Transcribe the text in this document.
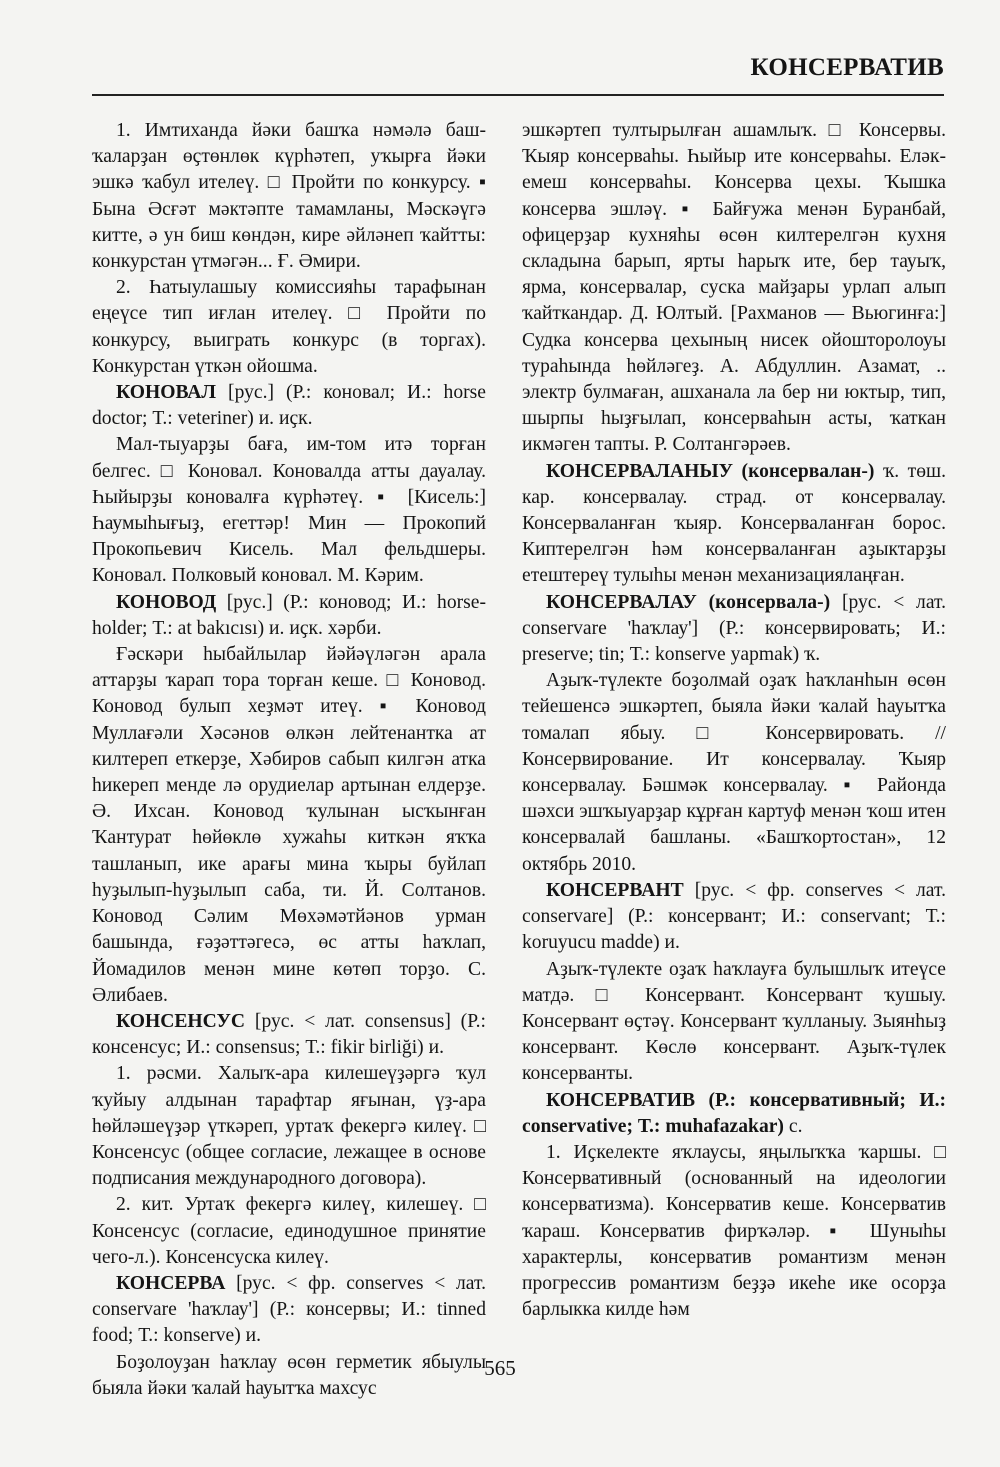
КОНСЕРВАТИВ

1. Имтиханда йәки башҡа нәмәлә баш-ҡаларҙан өҫтөнлөк күрһәтеп, уҡырға йәки эшкә ҡабул ителеү. □ Пройти по конкурсу. ▪ Бына Әсғәт мәктәпте тамамланы, Мәскәүгә китте, ә ун биш көндән, кире әйләнеп ҡайтты: конкурстан үтмәгән... Ғ. Әмири.

2. Һатыулашыу комиссияһы тарафынан еңеүсе тип иғлан ителеү. □ Пройти по конкурсу, выиграть конкурс (в торгах). Конкурстан үткән ойошма.

КОНОВАЛ [рус.] (Р.: коновал; И.: horse doctor; Т.: veteriner) и. иҫк.

Мал-тыуарҙы баға, им-том итә торған белгес. □ Коновал. Коновалда атты дауалау. Һыйырҙы коновалға күрһәтеү. ▪ [Кисель:] Һаумыһығыҙ, егеттәр! Мин — Прокопий Прокопьевич Кисель. Мал фельдшеры. Коновал. Полковый коновал. М. Кәрим.

КОНОВОД [рус.] (Р.: коновод; И.: horse-holder; Т.: at bakıcısı) и. иҫк. хәрби.

Ғәскәри һыбайлылар йәйәүләгән арала аттарҙы ҡарап тора торған кеше. □ Коновод. Коновод булып хеҙмәт итеү. ▪ Коновод Муллағәли Хәсәнов өлкән лейтенантка ат килтереп еткерҙе, Хәбиров сабып килгән атка һикереп менде лә орудиелар артынан елдерҙе. Ә. Ихсан. Коновод ҡулынан ысҡынған Ҡантурат һөйөклө хужаһы киткән яҡҡа ташланып, ике арағы мина ҡыры буйлап һуҙылып-һуҙылып саба, ти. Й. Солтанов. Коновод Сәлим Мөхәмәтйәнов урман башында, ғәҙәттәгесә, өс атты һаҡлап, Йомадилов менән мине көтөп торҙо. С. Әлибаев.

КОНСЕНСУС [рус. < лат. consensus] (Р.: консенсус; И.: consensus; Т.: fikir birliği) и.

1. рәсми. Халыҡ-ара килешеүҙәргә ҡул ҡуйыу алдынан тарафтар яғынан, үҙ-ара һөйләшеүҙәр үткәреп, уртаҡ фекергә килеү. □ Консенсус (общее согласие, лежащее в основе подписания международного договора).

2. кит. Уртаҡ фекергә килеү, килешеү. □ Консенсус (согласие, единодушное принятие чего-л.). Консенсуска килеү.

КОНСЕРВА [рус. < фр. conserves < лат. conservare 'һаҡлау'] (Р.: консервы; И.: tinned food; Т.: konserve) и.

Боҙолоуҙан һаҡлау өсөн герметик ябыулы быяла йәки ҡалай һауытҡа махсус

эшкәртеп тултырылған ашамлыҡ. □ Консервы. Ҡыяр консерваһы. Һыйыр ите консерваһы. Еләк-емеш консерваһы. Консерва цехы. Ҡышка консерва эшләү. ▪ Байғужа менән Буранбай, офицерҙар кухняһы өсөн килтерелгән кухня складына барып, ярты һарыҡ ите, бер тауыҡ, ярма, консервалар, суска майҙары урлап алып ҡайткандар. Д. Юлтый. [Рахманов — Вьюгинға:] Судка консерва цехының нисек ойошторолоуы турaһында һөйләгеҙ. А. Абдуллин. Азамат, .. электр булмаған, ашханала ла бер ни юктыр, тип, шырпы һыҙғылап, консерваһын асты, ҡаткан икмәген тапты. Р. Солтангәрәев.

КОНСЕРВАЛАНЫУ (консервалан-) ҡ. төш. кар. консервалау. страд. от консервалау. Консерваланған ҡыяр. Консерваланған борос. Киптерелгән һәм консерваланған аҙыктарҙы етештереү тулыһы менән механизациялаңған.

КОНСЕРВАЛАУ (консервала-) [рус. < лат. conservare 'һаҡлау'] (Р.: консервировать; И.: preserve; tin; Т.: konserve yapmak) ҡ.

Аҙыҡ-түлекте боҙолмай оҙаҡ һаҡланһын өсөн тейешенсә эшкәртеп, быяла йәки ҡалай һауытҡа томалап ябыу. □ Консервировать. // Консервирование. Ит консервалау. Ҡыяр консервалау. Бәшмәк консервалау. ▪ Районда шәхси эшҡыуарҙар кұрған картуф менән ҡош итен консервалай башланы. «Башҡортостан», 12 октябрь 2010.

КОНСЕРВАНТ [рус. < фр. conserves < лат. conservare] (Р.: консервант; И.: conservant; Т.: koruyucu madde) и.

Аҙыҡ-түлекте оҙаҡ һаҡлауға булышлыҡ итеүсе матдә. □ Консервант. Консервант ҡушыу. Консервант өҫтәү. Консервант ҡулланыу. Зыянһыҙ консервант. Көслө консервант. Аҙыҡ-түлек консерванты.

КОНСЕРВАТИВ (Р.: консервативный; И.: conservative; Т.: muhafazakar) с.

1. Иҫкелекте яҡлаусы, яңылыҡҡа ҡаршы. □ Консервативный (основанный на идеологии консерватизма). Консерватив кеше. Консерватив ҡараш. Консерватив фирҡәләр. ▪ Шуныһы характерлы, консерватив романтизм менән прогрессив романтизм беҙҙә икеһе ике осорҙа барлыкка килде һәм

565
